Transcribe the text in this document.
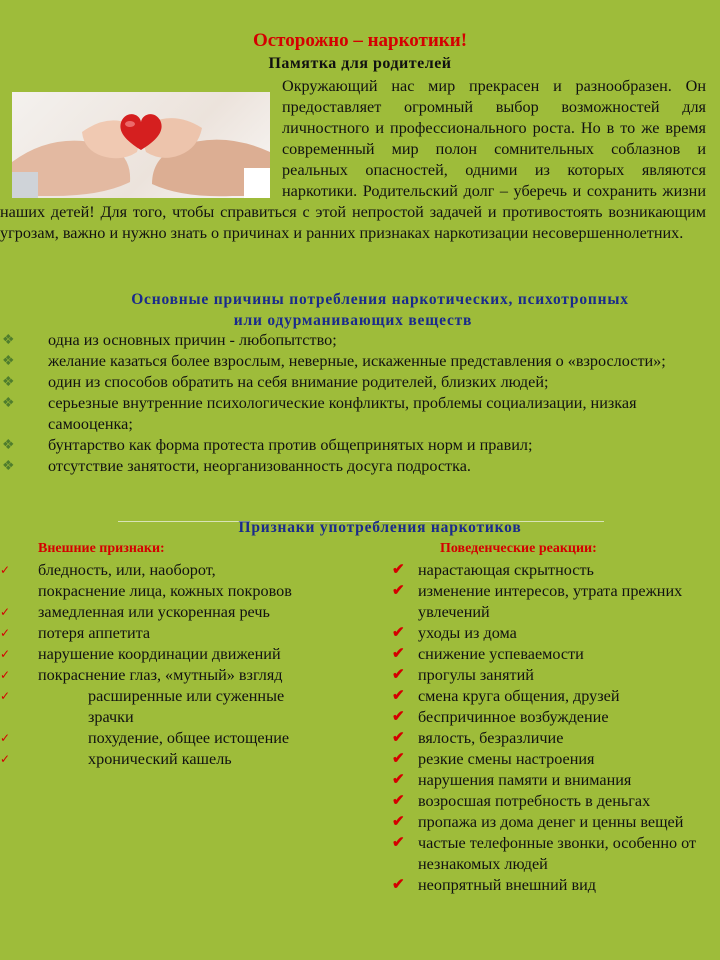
Осторожно – наркотики!
Памятка для родителей

Окружающий нас мир прекрасен и разнообразен. Он предоставляет огромный выбор возможностей для личностного и профессионального роста. Но в то же время современный мир полон сомнительных соблазнов и реальных опасностей, одними из которых являются наркотики. Родительский долг – уберечь и сохранить жизни наших детей! Для того, чтобы справиться с этой непростой задачей и противостоять возникающим угрозам, важно и нужно знать о причинах и ранних признаках наркотизации несовершеннолетних.

Основные причины потребления наркотических, психотропных
или одурманивающих веществ
❖	одна из основных причин - любопытство;
❖	желание казаться более взрослым, неверные, искаженные представления о «взрослости»;
❖	один из способов обратить на себя внимание родителей, близких людей;
❖	серьезные внутренние психологические конфликты, проблемы социализации, низкая самооценка;
❖	бунтарство как форма протеста против общепринятых норм и правил;
❖	отсутствие занятости, неорганизованность досуга подростка.
Признаки употребления наркотиков
Внешние признаки:	Поведенческие реакции:
✓ бледность, или, наоборот,
покраснение лица, кожных покровов
✓ замедленная или ускоренная речь
✓ потеря аппетита
✓ нарушение координации движений
✓ покраснение глаз, «мутный» взгляд
✓	расширенные или суженные
зрачки
✓	похудение, общее истощение
✓	хронический кашель
✔ нарастающая скрытность
✔ изменение интересов, утрата прежних увлечений
✔ уходы из дома
✔ снижение успеваемости
✔ прогулы занятий
✔ смена круга общения, друзей
✔ беспричинное возбуждение
✔ вялость, безразличие
✔ резкие смены настроения
✔ нарушения памяти и внимания
✔ возросшая потребность в деньгах
✔ пропажа из дома денег и ценны вещей
✔ частые телефонные звонки, особенно от незнакомых людей
✔ неопрятный внешний вид
